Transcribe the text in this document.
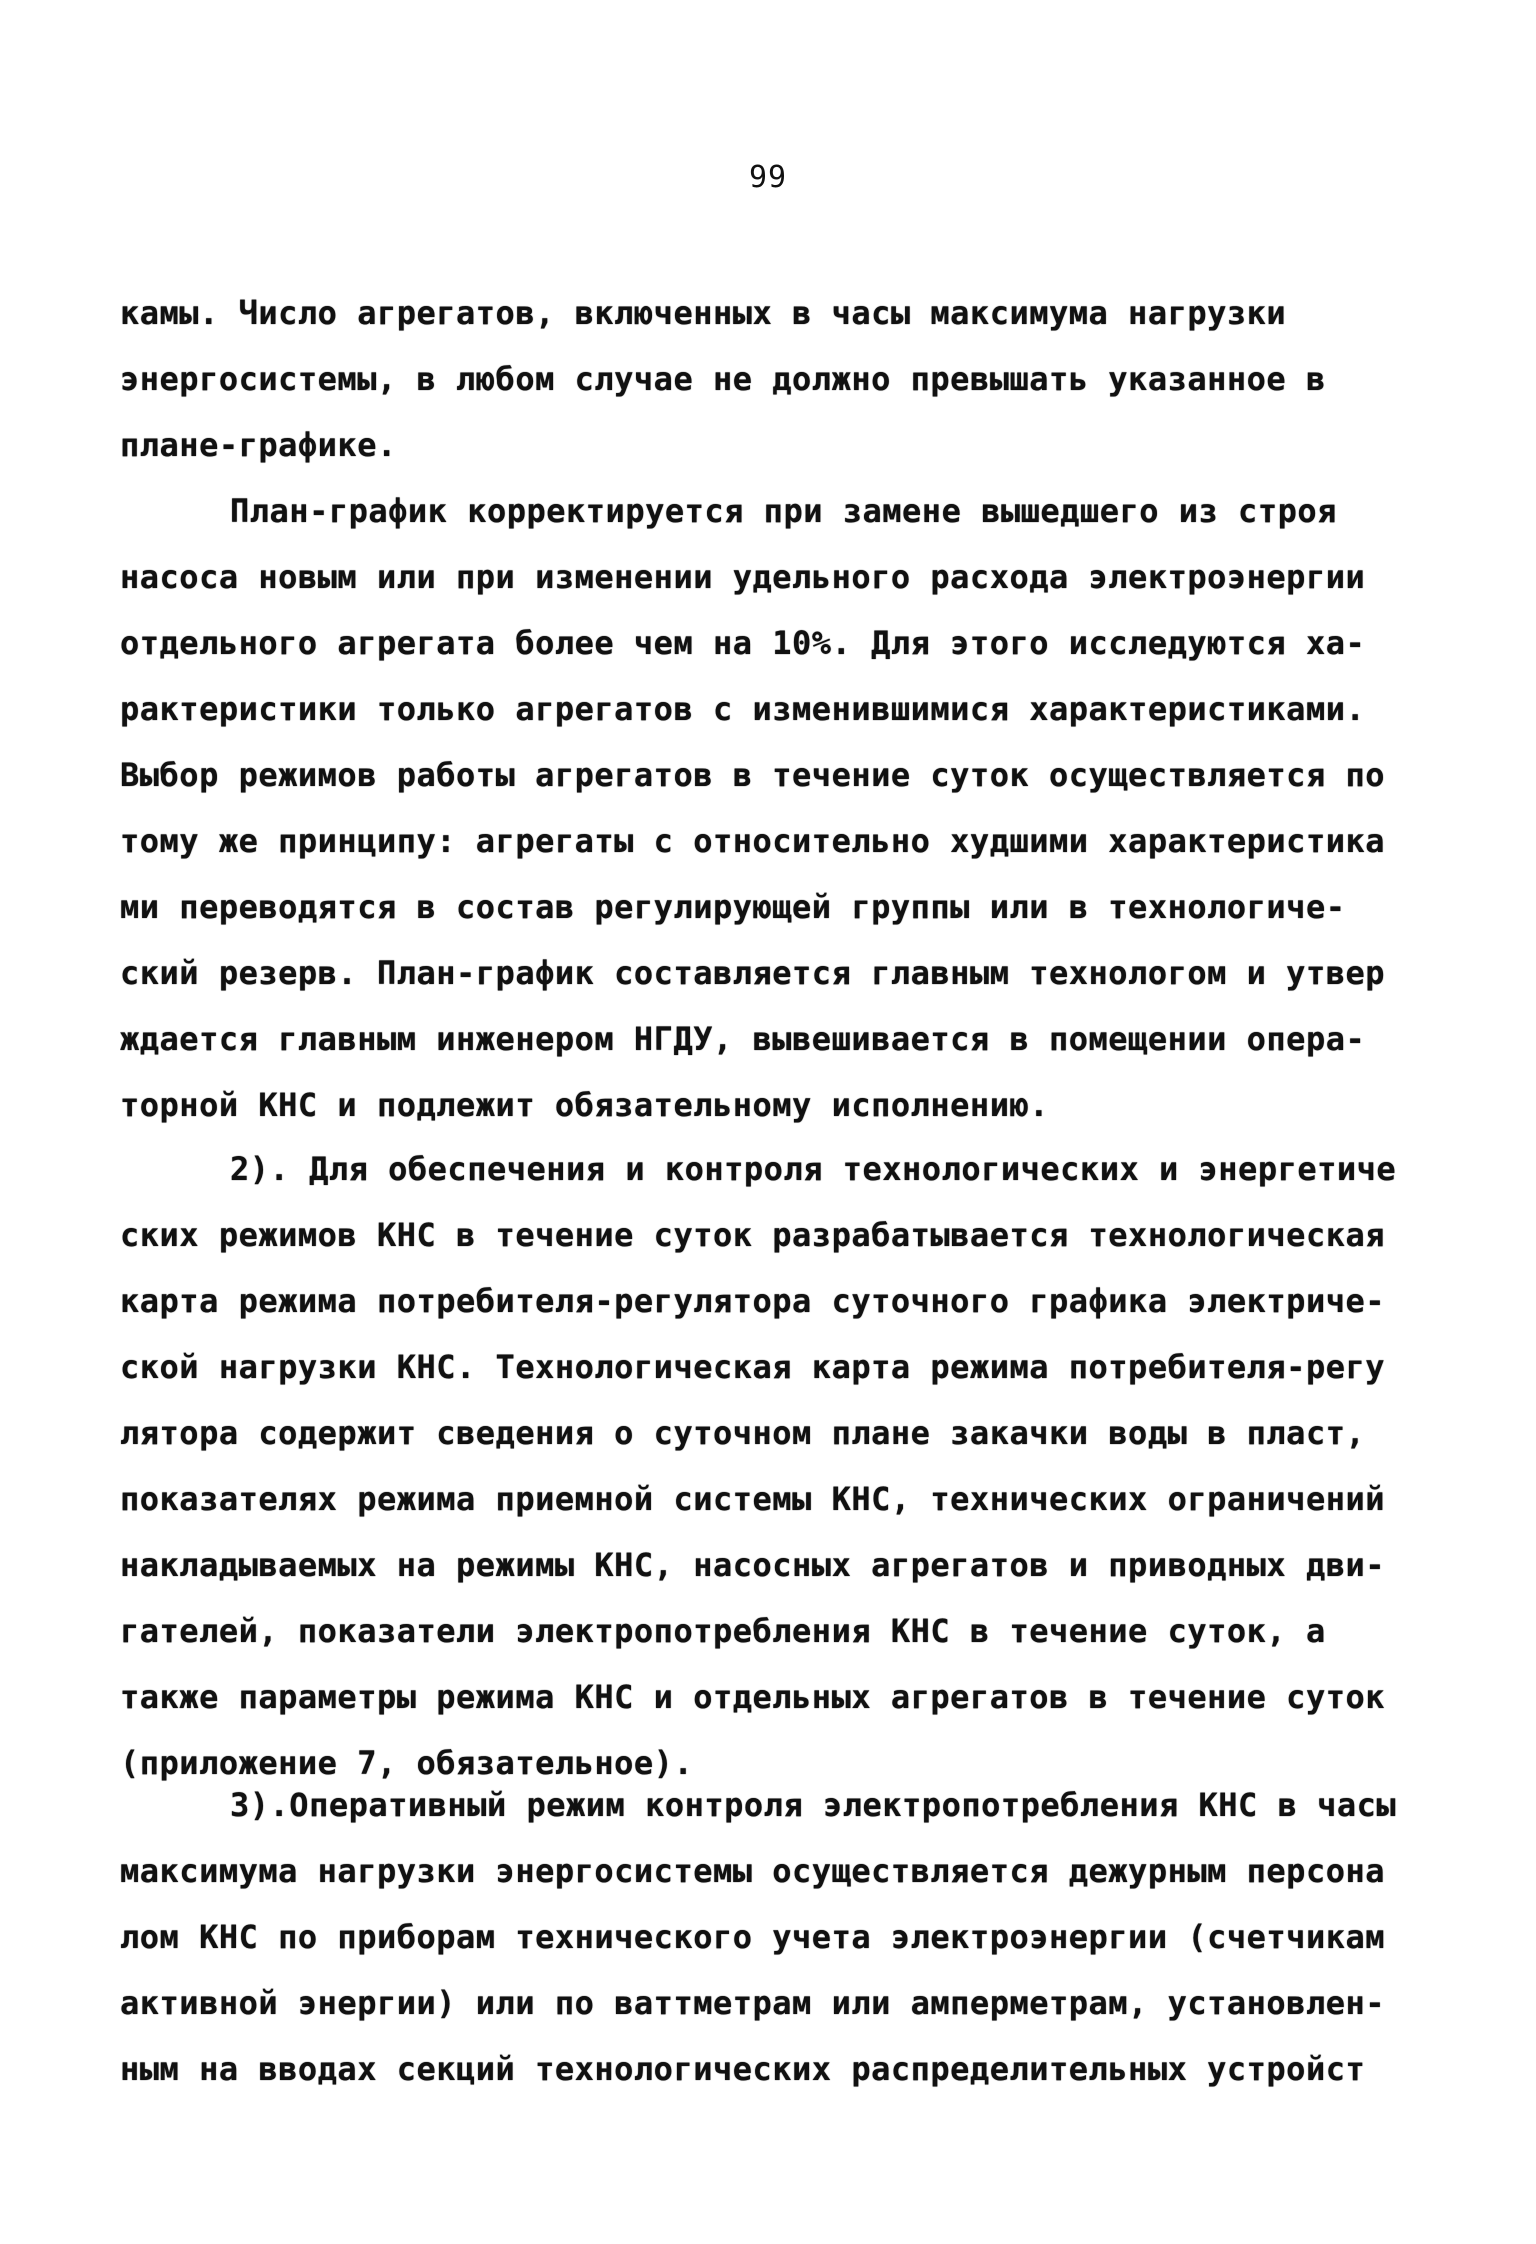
99
камы. Число агрегатов, включенных в часы максимума нагрузки
энергосистемы, в любом случае не должно превышать указанное в
плане-графике.
План-график корректируется при замене вышедшего из строя
насоса новым или при изменении удельного расхода электроэнергии
отдельного агрегата более чем на 10%. Для этого исследуются ха-
рактеристики только агрегатов с изменившимися характеристиками.
Выбор режимов работы агрегатов в течение суток осуществляется по
тому же принципу: агрегаты с относительно худшими характеристика
ми переводятся в состав регулирующей группы или в технологиче-
ский резерв. План-график составляется главным технологом и утвер
ждается главным инженером НГДУ, вывешивается в помещении опера-
торной КНС и подлежит обязательному исполнению.
2). Для обеспечения и контроля технологических и энергетиче
ских режимов КНС в течение суток разрабатывается технологическая
карта режима потребителя-регулятора суточного графика электриче-
ской нагрузки КНС. Технологическая карта режима потребителя-регу
лятора содержит сведения о суточном плане закачки воды в пласт,
показателях режима приемной системы КНС, технических ограничений
накладываемых на режимы КНС, насосных агрегатов и приводных дви-
гателей, показатели электропотребления КНС в течение суток, а
также параметры режима КНС и отдельных агрегатов в течение суток
(приложение 7, обязательное).
3).Оперативный режим контроля электропотребления КНС в часы
максимума нагрузки энергосистемы осуществляется дежурным персона
лом КНС по приборам технического учета электроэнергии (счетчикам
активной энергии) или по ваттметрам или амперметрам, установлен-
ным на вводах секций технологических распределительных устройст
